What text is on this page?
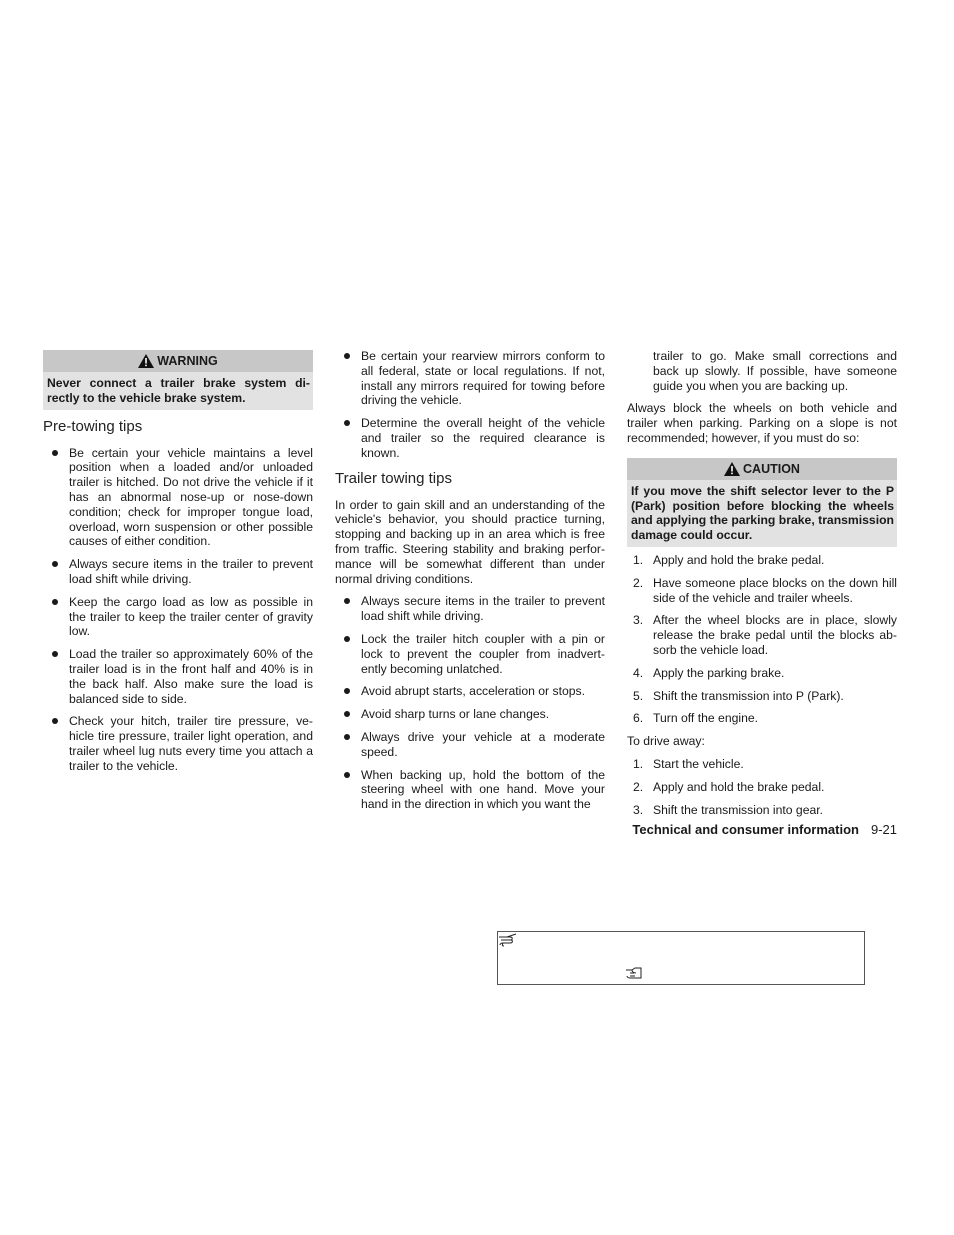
WARNING
Never connect a trailer brake system di-rectly to the vehicle brake system.
Pre-towing tips
Be certain your vehicle maintains a level position when a loaded and/or unloaded trailer is hitched. Do not drive the vehicle if it has an abnormal nose-up or nose-down condition; check for improper tongue load, overload, worn suspension or other possible causes of either condition.
Always secure items in the trailer to prevent load shift while driving.
Keep the cargo load as low as possible in the trailer to keep the trailer center of gravity low.
Load the trailer so approximately 60% of the trailer load is in the front half and 40% is in the back half. Also make sure the load is balanced side to side.
Check your hitch, trailer tire pressure, ve-hicle tire pressure, trailer light operation, and trailer wheel lug nuts every time you attach a trailer to the vehicle.
Be certain your rearview mirrors conform to all federal, state or local regulations. If not, install any mirrors required for towing before driving the vehicle.
Determine the overall height of the vehicle and trailer so the required clearance is known.
Trailer towing tips

In order to gain skill and an understanding of the vehicle's behavior, you should practice turning, stopping and backing up in an area which is free from traffic. Steering stability and braking perfor-mance will be somewhat different than under normal driving conditions.

Always secure items in the trailer to prevent load shift while driving.
Lock the trailer hitch coupler with a pin or lock to prevent the coupler from inadvert-ently becoming unlatched.
Avoid abrupt starts, acceleration or stops.
Avoid sharp turns or lane changes.
Always drive your vehicle at a moderate speed.
When backing up, hold the bottom of the steering wheel with one hand. Move your hand in the direction in which you want the

trailer to go. Make small corrections and back up slowly. If possible, have someone guide you when you are backing up.

Always block the wheels on both vehicle and trailer when parking. Parking on a slope is not recommended; however, if you must do so:

CAUTION
If you move the shift selector lever to the P (Park) position before blocking the wheels and applying the parking brake, transmission damage could occur.
1. Apply and hold the brake pedal.
2. Have someone place blocks on the down hill side of the vehicle and trailer wheels.
3. After the wheel blocks are in place, slowly release the brake pedal until the blocks ab-sorb the vehicle load.
4. Apply the parking brake.
5. Shift the transmission into P (Park).
6. Turn off the engine.

To drive away:

1. Start the vehicle.
2. Apply and hold the brake pedal.
3. Shift the transmission into gear.
Technical and consumer information 9-21
